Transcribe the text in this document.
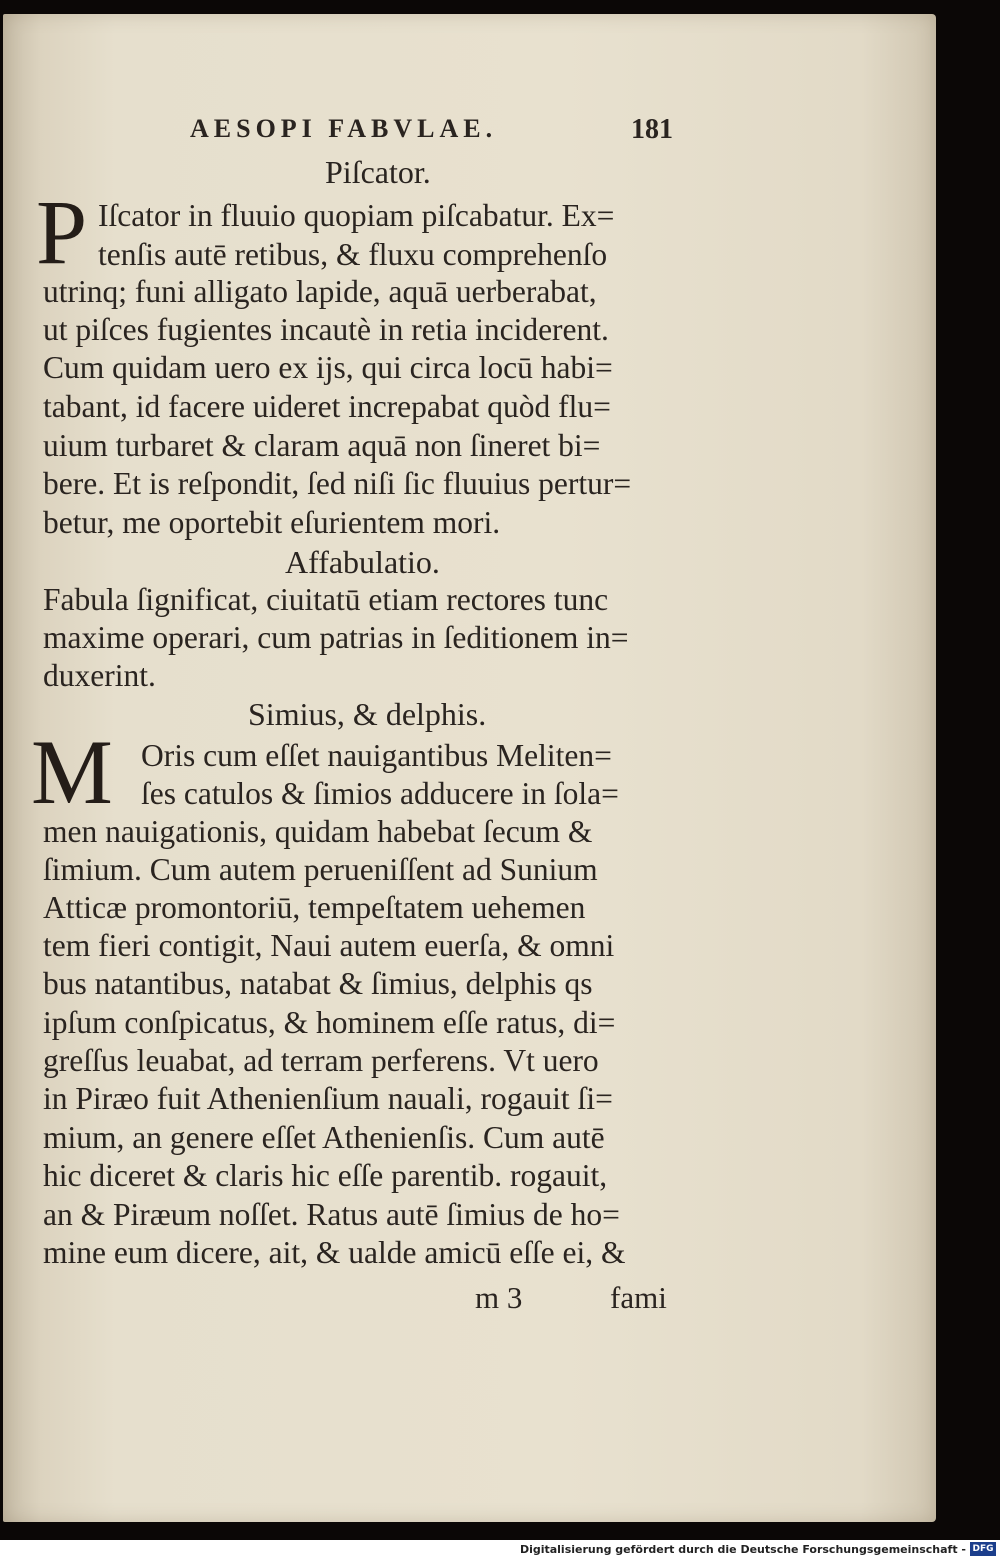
AESOPI FABVLAE.	181
Piſcator.
P Iſcator in fluuio quopiam piſcabatur. Ex=
tenſis autē retibus, & fluxu comprehenſo
utrinq; funi alligato lapide, aquā uerberabat,
ut piſces fugientes incautè in retia inciderent.
Cum quidam uero ex ijs, qui circa locū habi=
tabant, id facere uideret increpabat quòd flu=
uium turbaret & claram aquā non ſineret bi=
bere. Et is reſpondit, ſed niſi ſic fluuius pertur=
betur, me oportebit eſurientem mori.
Affabulatio.
Fabula ſignificat, ciuitatū etiam rectores tunc
maxime operari, cum patrias in ſeditionem in=
duxerint.
Simius, & delphis.
M Oris cum eſſet nauigantibus Meliten=
ſes catulos & ſimios adducere in ſola=
men nauigationis, quidam habebat ſecum &
ſimium. Cum autem perueniſſent ad Sunium
Atticæ promontoriū, tempeſtatem uehemen
tem fieri contigit, Naui autem euerſa, & omni
bus natantibus, natabat & ſimius, delphis qs
ipſum conſpicatus, & hominem eſſe ratus, di=
greſſus leuabat, ad terram perferens. Vt uero
in Piræo fuit Athenienſium nauali, rogauit ſi=
mium, an genere eſſet Athenienſis. Cum autē
hic diceret & claris hic eſſe parentib. rogauit,
an & Piræum noſſet. Ratus autē ſimius de ho=
mine eum dicere, ait, & ualde amicū eſſe ei, &
m 3	fami
Digitalisierung gefördert durch die Deutsche Forschungsgemeinschaft - DFG
